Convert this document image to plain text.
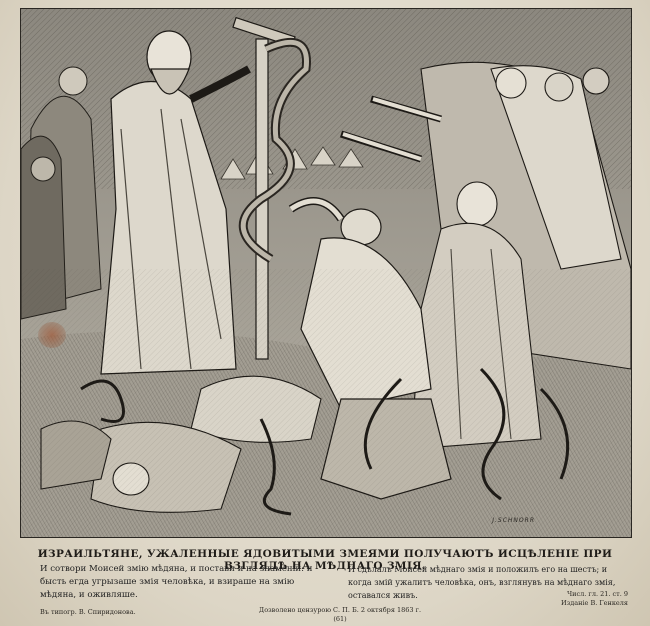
J.SCHNORR
ИЗРАИЛЬТЯНЕ, УЖАЛЕННЫЕ ЯДОВИТЫМИ ЗМЕЯМИ ПОЛУЧАЮТЪ ИСЦѢЛЕНІЕ ПРИ ВЗГЛЯДѢ НА МѢДНАГО ЗМІЯ.
И сотвори Моисей змію мѣдяна, и постави и на знаменіи: и бысть егда угрызаше змія человѣка, и взираше на змію мѣдяна, и оживляше.
И сдѣлалъ Моисей мѣднаго змія и положилъ его на шестъ; и когда змій ужалитъ человѣка, онъ, взглянувъ на мѣднаго змія, оставался живъ.	Числ. гл. 21. ст. 9
Изданіе В. Генкеля
Въ типогр. В. Спиридонова.	Дозволено цензурою С. П. Б. 2 октября 1863 г.
(61)
